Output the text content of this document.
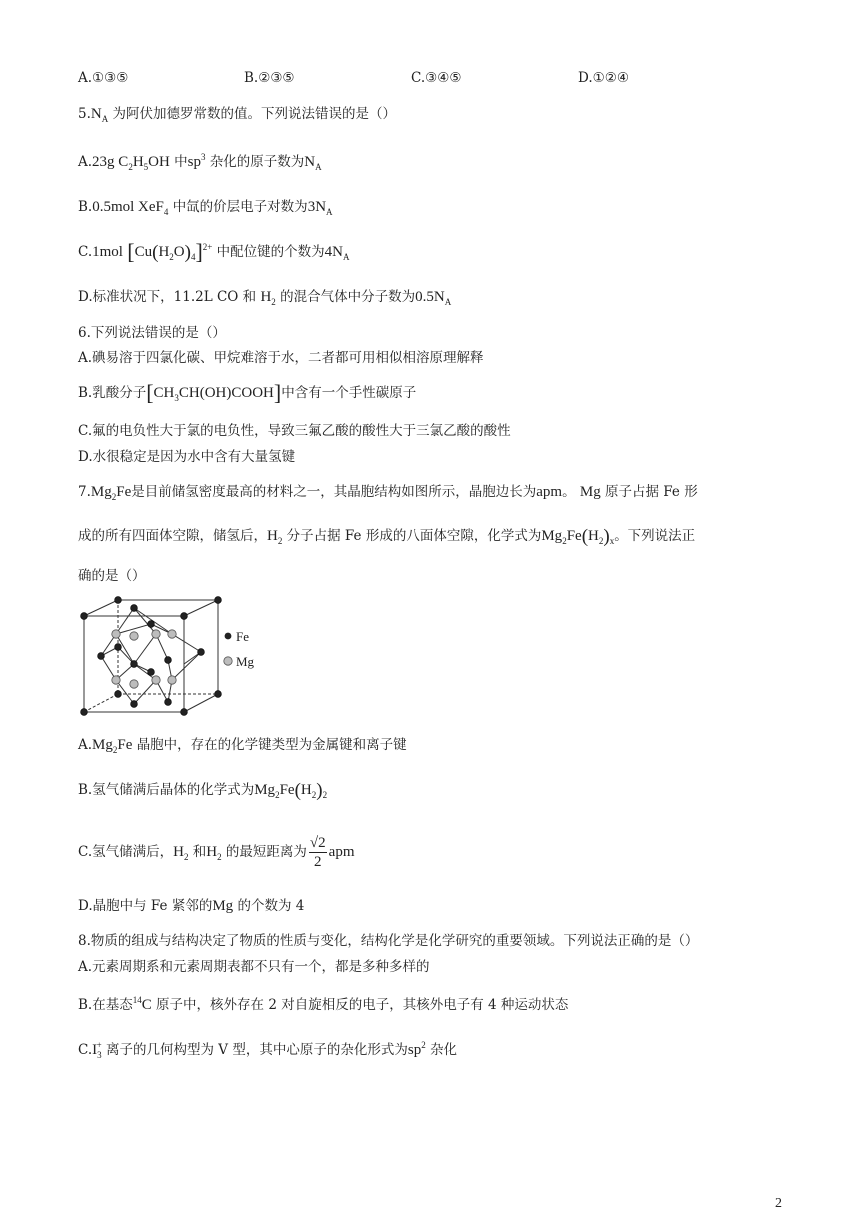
A.①③⑤	B.②③⑤	C.③④⑤	D.①②④
$5.N_A$ 为阿伏加德罗常数的值。下列说法错误的是（）
A.23g $C_2H_5OH$ 中$sp^3$ 杂化的原子数为$N_A$
B.0.5mol XeF$_4$ 中氙的价层电子对数为$3N_A$
C.1mol $[Cu(H_2O)_4]^{2+}$ 中配位键的个数为$4N_A$
D.标准状况下，11.2L CO 和 $H_2$ 的混合气体中分子数为$0.5N_A$
6.下列说法错误的是（）
A.碘易溶于四氯化碳、甲烷难溶于水，二者都可用相似相溶原理解释
B.乳酸分子$[CH_3CH(OH)COOH]$中含有一个手性碳原子
C.氟的电负性大于氯的电负性，导致三氟乙酸的酸性大于三氯乙酸的酸性
D.水很稳定是因为水中含有大量氢键
$7.Mg_2Fe$是目前储氢密度最高的材料之一，其晶胞结构如图所示，晶胞边长为apm。 Mg 原子占据 Fe 形
成的所有四面体空隙，储氢后，$H_2$ 分子占据 Fe 形成的八面体空隙，化学式为$Mg_2Fe(H_2)_x$。下列说法正
确的是（）
Fe
Mg
$A.Mg_2Fe$ 晶胞中，存在的化学键类型为金属键和离子键
B.氢气储满后晶体的化学式为$Mg_2Fe(H_2)_2$
C.氢气储满后，$H_2$ 和$H_2$ 的最短距离为 $\frac{√2}{2}$ apm
D.晶胞中与 Fe 紧邻的Mg 的个数为 4
8.物质的组成与结构决定了物质的性质与变化，结构化学是化学研究的重要领域。下列说法正确的是（）
A.元素周期系和元素周期表都不只有一个，都是多种多样的
B.在基态$^{14}$C 原子中，核外存在 2 对自旋相反的电子，其核外电子有 4 种运动状态
$C.I_3^+$ 离子的几何构型为 V 型，其中心原子的杂化形式为$sp^2$ 杂化
2
